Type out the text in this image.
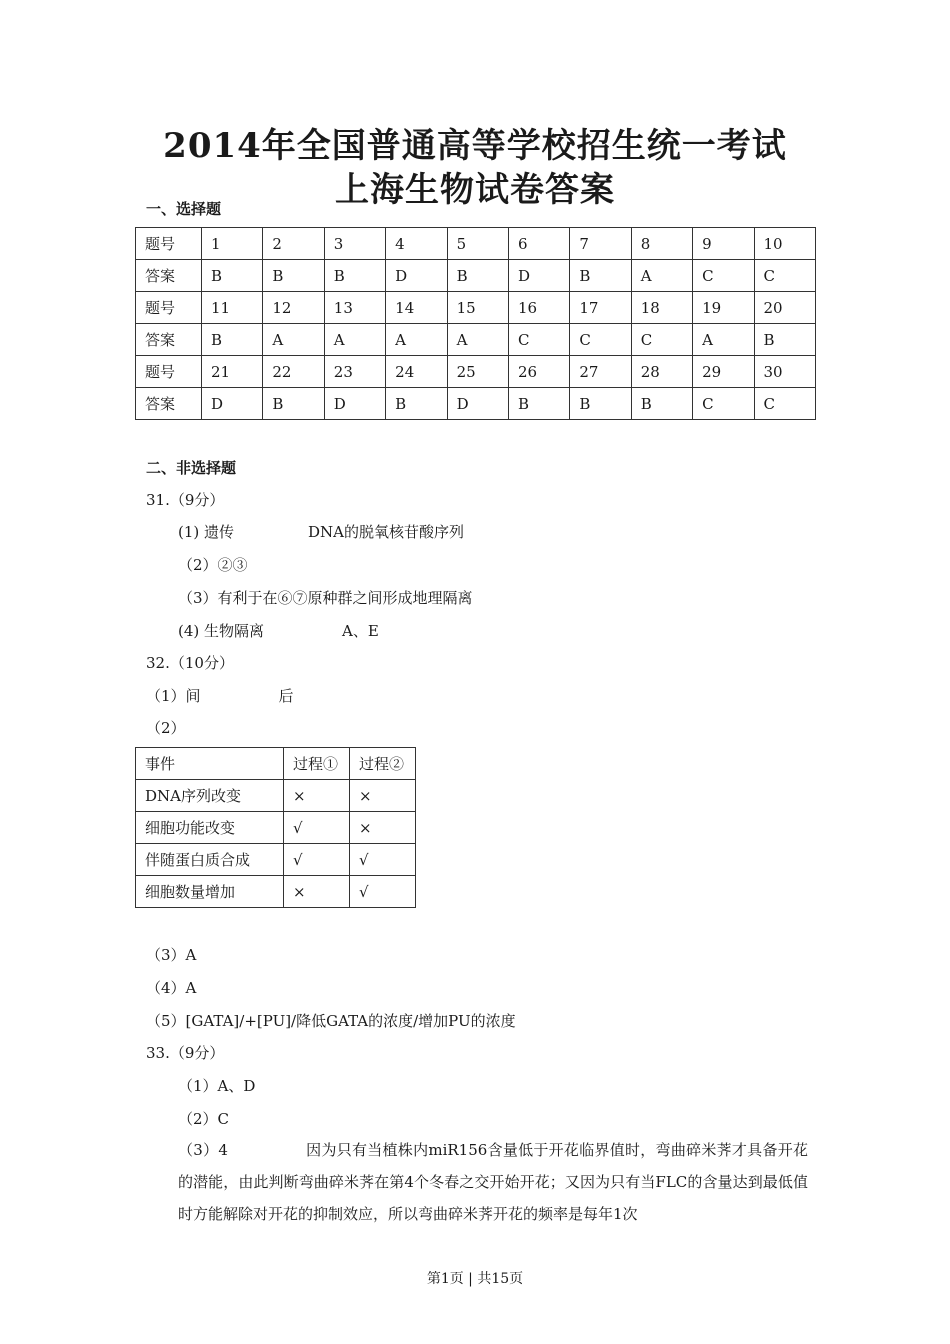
2014年全国普通高等学校招生统一考试
上海生物试卷答案
一、选择题
题号	1	2	3	4	5	6	7	8	9	10
答案	B	B	B	D	B	D	B	A	C	C
题号	11	12	13	14	15	16	17	18	19	20
答案	B	A	A	A	A	C	C	C	A	B
题号	21	22	23	24	25	26	27	28	29	30
答案	D	B	D	B	D	B	B	B	C	C
二、非选择题
31.（9分）
(1) 遗传	DNA的脱氧核苷酸序列
（2）②③
（3）有利于在⑥⑦原种群之间形成地理隔离
(4) 生物隔离	A、E
32.（10分）
（1）间	后
（2）
事件	过程①	过程②
DNA序列改变	×	×
细胞功能改变	√	×
伴随蛋白质合成	√	√
细胞数量增加	×	√
（3）A
（4）A
（5）[GATA]/+[PU]/降低GATA的浓度/增加PU的浓度
33.（9分）
（1）A、D
（2）C
（3）4	因为只有当植株内miR156含量低于开花临界值时，弯曲碎米荠才具备开花的潜能，由此判断弯曲碎米荠在第4个冬春之交开始开花；又因为只有当FLC的含量达到最低值时方能解除对开花的抑制效应，所以弯曲碎米荠开花的频率是每年1次
第1页 | 共15页
